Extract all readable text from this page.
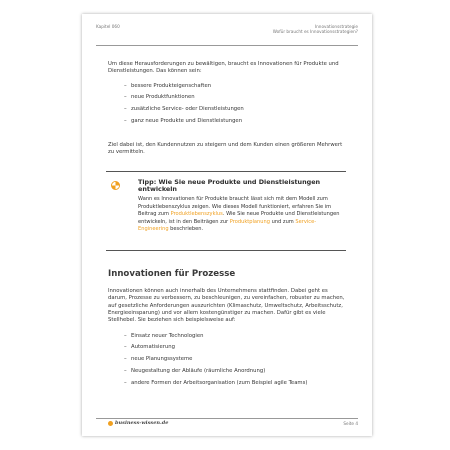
Kapitel 060	Innovationsstrategie
Wofür braucht es Innovationsstrategien?
Um diese Herausforderungen zu bewältigen, braucht es Innovationen für Produkte und Dienstleistungen. Das können sein:
– bessere Produkteigenschaften
– neue Produktfunktionen
– zusätzliche Service- oder Dienstleistungen
– ganz neue Produkte und Dienstleistungen
Ziel dabei ist, den Kundennutzen zu steigern und dem Kunden einen größeren Mehrwert zu vermitteln.
Tipp: Wie Sie neue Produkte und Dienstleistungen entwickeln
Wann es Innovationen für Produkte braucht lässt sich mit dem Modell zum Produktlebenszyklus zeigen. Wie dieses Modell funktioniert, erfahren Sie im Beitrag zum Produktlebenszyklus. Wie Sie neue Produkte und Dienstleistungen entwickeln, ist in den Beiträgen zur Produktplanung und zum Service-Engineering beschrieben.
Innovationen für Prozesse
Innovationen können auch innerhalb des Unternehmens stattfinden. Dabei geht es darum, Prozesse zu verbessern, zu beschleunigen, zu vereinfachen, robuster zu machen, auf gesetzliche Anforderungen auszurichten (Klimaschutz, Umweltschutz, Arbeitsschutz, Energieeinsparung) und vor allem kostengünstiger zu machen. Dafür gibt es viele Stellhebel. Sie beziehen sich beispielsweise auf:
– Einsatz neuer Technologien
– Automatisierung
– neue Planungssysteme
– Neugestaltung der Abläufe (räumliche Anordnung)
– andere Formen der Arbeitsorganisation (zum Beispiel agile Teams)
business-wissen.de	Seite 4
